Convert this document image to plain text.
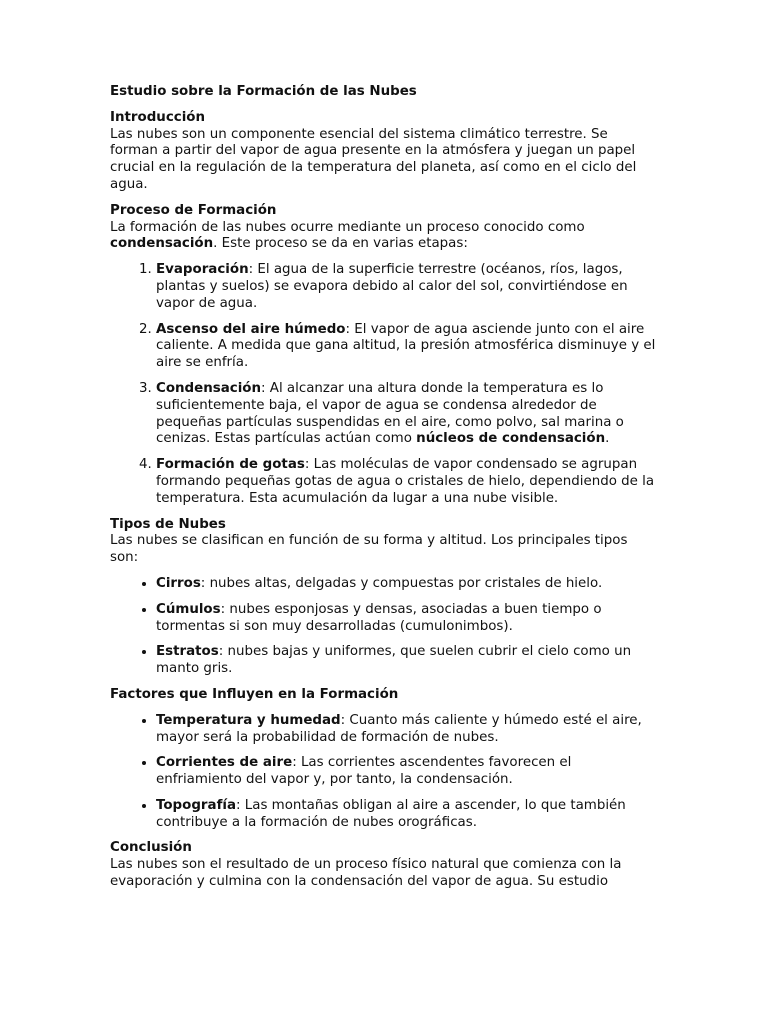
Estudio sobre la Formación de las Nubes

Introducción

Las nubes son un componente esencial del sistema climático terrestre. Se forman a partir del vapor de agua presente en la atmósfera y juegan un papel crucial en la regulación de la temperatura del planeta, así como en el ciclo del agua.

Proceso de Formación

La formación de las nubes ocurre mediante un proceso conocido como condensación. Este proceso se da en varias etapas:

1. Evaporación: El agua de la superficie terrestre (océanos, ríos, lagos, plantas y suelos) se evapora debido al calor del sol, convirtiéndose en vapor de agua.
2. Ascenso del aire húmedo: El vapor de agua asciende junto con el aire caliente. A medida que gana altitud, la presión atmosférica disminuye y el aire se enfría.
3. Condensación: Al alcanzar una altura donde la temperatura es lo suficientemente baja, el vapor de agua se condensa alrededor de pequeñas partículas suspendidas en el aire, como polvo, sal marina o cenizas. Estas partículas actúan como núcleos de condensación.
4. Formación de gotas: Las moléculas de vapor condensado se agrupan formando pequeñas gotas de agua o cristales de hielo, dependiendo de la temperatura. Esta acumulación da lugar a una nube visible.

Tipos de Nubes

Las nubes se clasifican en función de su forma y altitud. Los principales tipos son:

• Cirros: nubes altas, delgadas y compuestas por cristales de hielo.
• Cúmulos: nubes esponjosas y densas, asociadas a buen tiempo o tormentas si son muy desarrolladas (cumulonimbos).
• Estratos: nubes bajas y uniformes, que suelen cubrir el cielo como un manto gris.

Factores que Influyen en la Formación

• Temperatura y humedad: Cuanto más caliente y húmedo esté el aire, mayor será la probabilidad de formación de nubes.
• Corrientes de aire: Las corrientes ascendentes favorecen el enfriamiento del vapor y, por tanto, la condensación.
• Topografía: Las montañas obligan al aire a ascender, lo que también contribuye a la formación de nubes orográficas.

Conclusión

Las nubes son el resultado de un proceso físico natural que comienza con la evaporación y culmina con la condensación del vapor de agua. Su estudio
